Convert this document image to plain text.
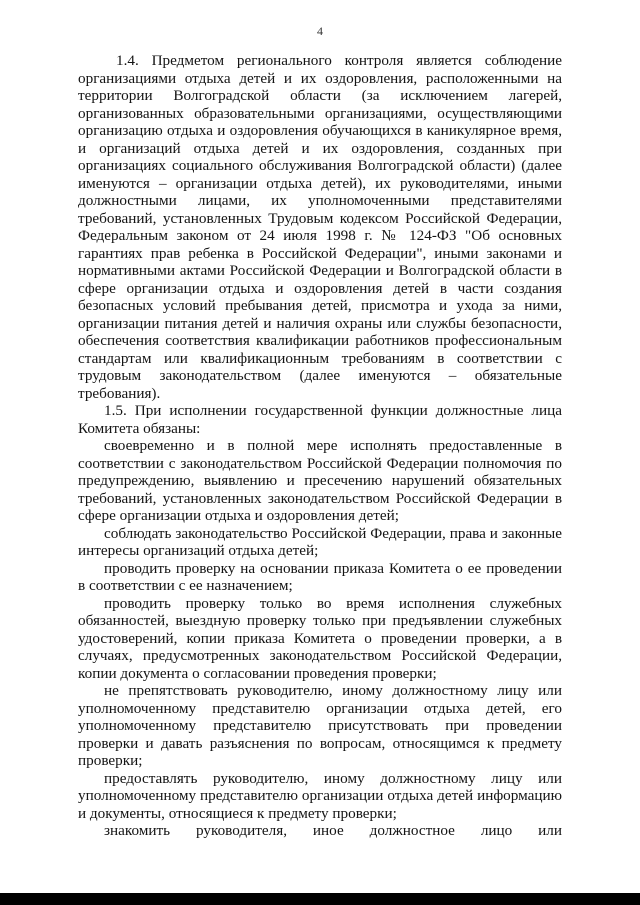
4

1.4. Предметом регионального контроля является соблюдение организациями отдыха детей и их оздоровления, расположенными на территории Волгоградской области (за исключением лагерей, организованных образовательными организациями, осуществляющими организацию отдыха и оздоровления обучающихся в каникулярное время, и организаций отдыха детей и их оздоровления, созданных при организациях социального обслуживания Волгоградской области) (далее именуются – организации отдыха детей), их руководителями, иными должностными лицами, их уполномоченными представителями требований, установленных Трудовым кодексом Российской Федерации, Федеральным законом от 24 июля 1998 г. № 124-ФЗ "Об основных гарантиях прав ребенка в Российской Федерации", иными законами и нормативными актами Российской Федерации и Волгоградской области в сфере организации отдыха и оздоровления детей в части создания безопасных условий пребывания детей, присмотра и ухода за ними, организации питания детей и наличия охраны или службы безопасности, обеспечения соответствия квалификации работников профессиональным стандартам или квалификационным требованиям в соответствии с трудовым законодательством (далее именуются – обязательные требования).

1.5. При исполнении государственной функции должностные лица Комитета обязаны:

своевременно и в полной мере исполнять предоставленные в соответствии с законодательством Российской Федерации полномочия по предупреждению, выявлению и пресечению нарушений обязательных требований, установленных законодательством Российской Федерации в сфере организации отдыха и оздоровления детей;

соблюдать законодательство Российской Федерации, права и законные интересы организаций отдыха детей;

проводить проверку на основании приказа Комитета о ее проведении в соответствии с ее назначением;

проводить проверку только во время исполнения служебных обязанностей, выездную проверку только при предъявлении служебных удостоверений, копии приказа Комитета о проведении проверки, а в случаях, предусмотренных законодательством Российской Федерации, копии документа о согласовании проведения проверки;

не препятствовать руководителю, иному должностному лицу или уполномоченному представителю организации отдыха детей, его уполномоченному представителю присутствовать при проведении проверки и давать разъяснения по вопросам, относящимся к предмету проверки;

предоставлять руководителю, иному должностному лицу или уполномоченному представителю организации отдыха детей информацию и документы, относящиеся к предмету проверки;

знакомить руководителя, иное должностное лицо или
